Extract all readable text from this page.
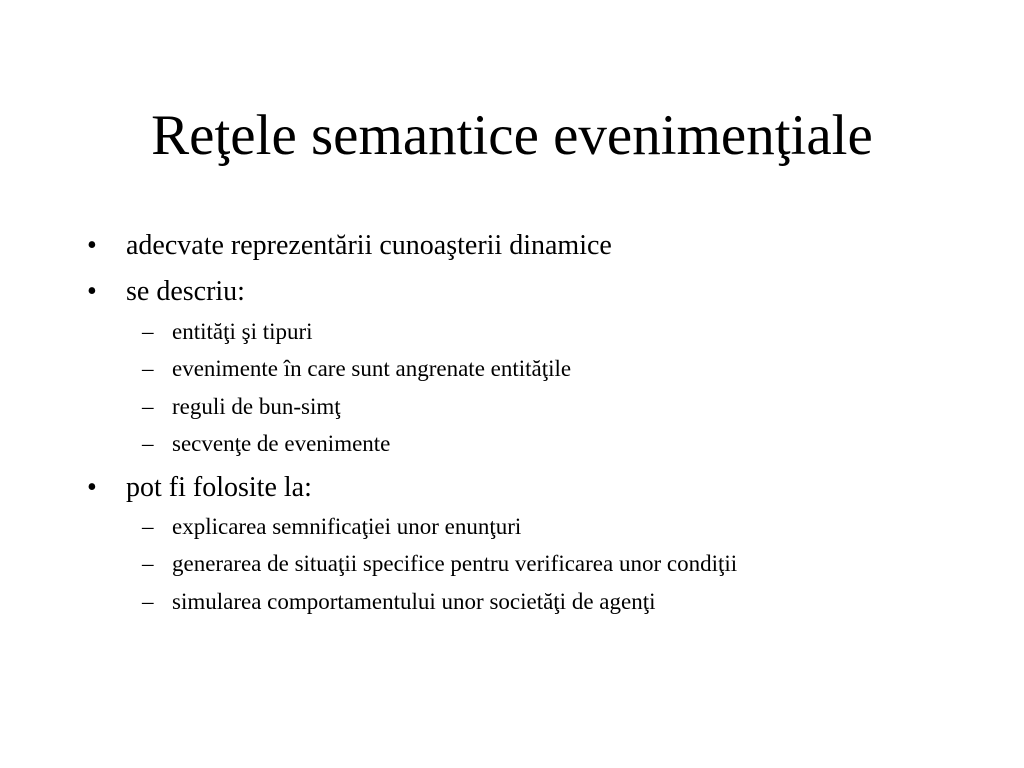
Reţele semantice evenimenţiale
• adecvate reprezentării cunoaşterii dinamice
• se descriu:
– entităţi şi tipuri
– evenimente în care sunt angrenate entităţile
– reguli de bun-simţ
– secvenţe de evenimente
• pot fi folosite la:
– explicarea semnificaţiei unor enunţuri
– generarea de situaţii specifice pentru verificarea unor condiţii
– simularea comportamentului unor societăţi de agenţi
